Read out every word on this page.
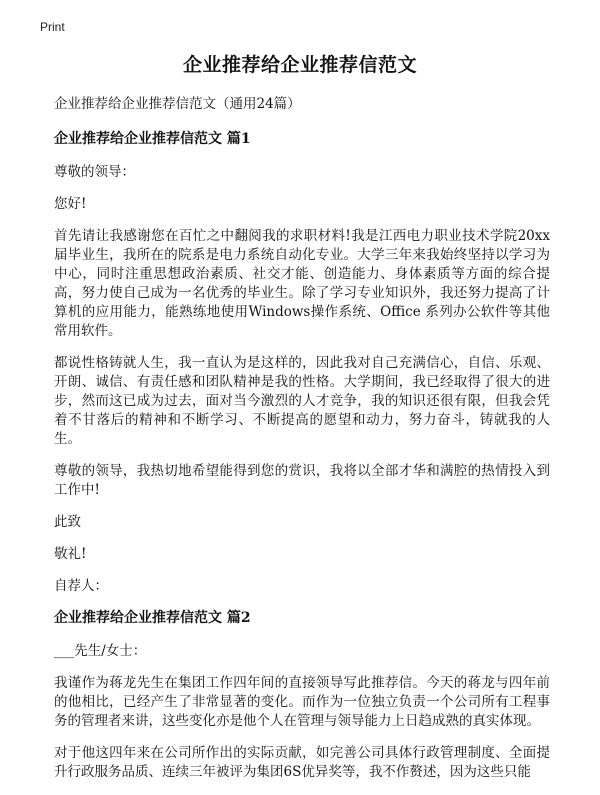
Print
企业推荐给企业推荐信范文

企业推荐给企业推荐信范文（通用24篇）

企业推荐给企业推荐信范文 篇1

尊敬的领导：

您好!

首先请让我感谢您在百忙之中翻阅我的求职材料!我是江西电力职业技术学院20xx届毕业生，我所在的院系是电力系统自动化专业。大学三年来我始终坚持以学习为中心，同时注重思想政治素质、社交才能、创造能力、身体素质等方面的综合提高，努力使自己成为一名优秀的毕业生。除了学习专业知识外，我还努力提高了计算机的应用能力，能熟练地使用Windows操作系统、Office 系列办公软件等其他常用软件。

都说性格铸就人生，我一直认为是这样的，因此我对自己充满信心，自信、乐观、开朗、诚信、有责任感和团队精神是我的性格。大学期间，我已经取得了很大的进步，然而这已成为过去，面对当今激烈的人才竞争，我的知识还很有限，但我会凭着不甘落后的精神和不断学习、不断提高的愿望和动力，努力奋斗，铸就我的人生。

尊敬的领导，我热切地希望能得到您的赏识，我将以全部才华和满腔的热情投入到工作中!

此致

敬礼!

自荐人：

企业推荐给企业推荐信范文 篇2

___先生/女士：

我谨作为蒋龙先生在集团工作四年间的直接领导写此推荐信。今天的蒋龙与四年前的他相比，已经产生了非常显著的变化。而作为一位独立负责一个公司所有工程事务的管理者来讲，这些变化亦是他个人在管理与领导能力上日趋成熟的真实体现。

对于他这四年来在公司所作出的实际贡献，如完善公司具体行政管理制度、全面提升行政服务品质、连续三年被评为集团6S优异奖等，我不作赘述，因为这些只能
